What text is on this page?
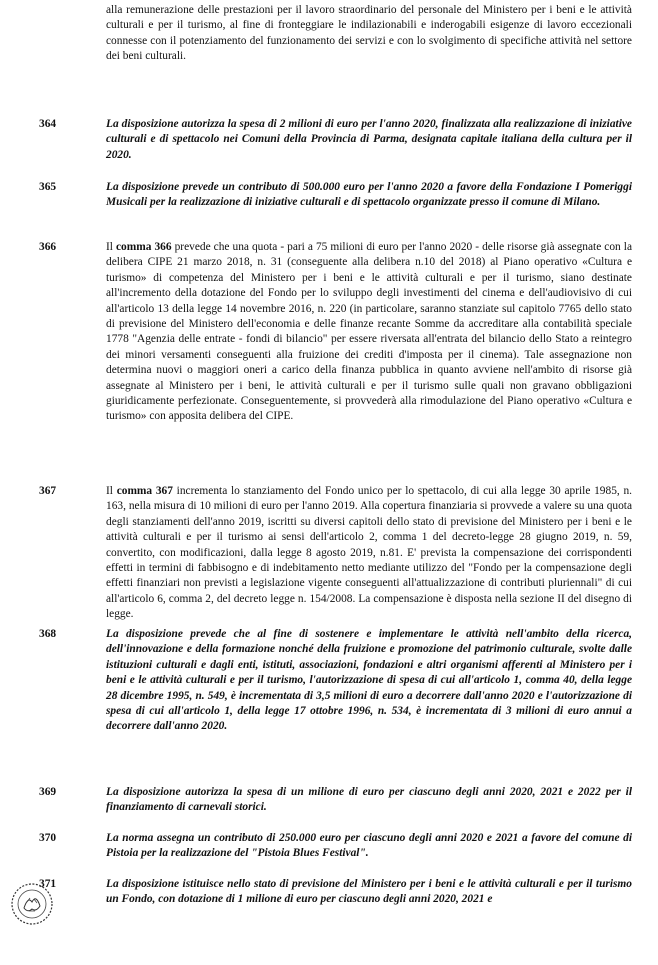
alla remunerazione delle prestazioni per il lavoro straordinario del personale del Ministero per i beni e le attività culturali e per il turismo, al fine di fronteggiare le indilazionabili e inderogabili esigenze di lavoro eccezionali connesse con il potenziamento del funzionamento dei servizi e con lo svolgimento di specifiche attività nel settore dei beni culturali.
364	La disposizione autorizza la spesa di 2 milioni di euro per l'anno 2020, finalizzata alla realizzazione di iniziative culturali e di spettacolo nei Comuni della Provincia di Parma, designata capitale italiana della cultura per il 2020.
365	La disposizione prevede un contributo di 500.000 euro per l'anno 2020 a favore della Fondazione I Pomeriggi Musicali per la realizzazione di iniziative culturali e di spettacolo organizzate presso il comune di Milano.
366	Il comma 366 prevede che una quota - pari a 75 milioni di euro per l'anno 2020 - delle risorse già assegnate con la delibera CIPE 21 marzo 2018, n. 31 (conseguente alla delibera n.10 del 2018) al Piano operativo «Cultura e turismo» di competenza del Ministero per i beni e le attività culturali e per il turismo, siano destinate all'incremento della dotazione del Fondo per lo sviluppo degli investimenti del cinema e dell'audiovisivo di cui all'articolo 13 della legge 14 novembre 2016, n. 220 (in particolare, saranno stanziate sul capitolo 7765 dello stato di previsione del Ministero dell'economia e delle finanze recante Somme da accreditare alla contabilità speciale 1778 "Agenzia delle entrate - fondi di bilancio" per essere riversata all'entrata del bilancio dello Stato a reintegro dei minori versamenti conseguenti alla fruizione dei crediti d'imposta per il cinema). Tale assegnazione non determina nuovi o maggiori oneri a carico della finanza pubblica in quanto avviene nell'ambito di risorse già assegnate al Ministero per i beni, le attività culturali e per il turismo sulle quali non gravano obbligazioni giuridicamente perfezionate. Conseguentemente, si provvederà alla rimodulazione del Piano operativo «Cultura e turismo» con apposita delibera del CIPE.
367	Il comma 367 incrementa lo stanziamento del Fondo unico per lo spettacolo, di cui alla legge 30 aprile 1985, n. 163, nella misura di 10 milioni di euro per l'anno 2019. Alla copertura finanziaria si provvede a valere su una quota degli stanziamenti dell'anno 2019, iscritti su diversi capitoli dello stato di previsione del Ministero per i beni e le attività culturali e per il turismo ai sensi dell'articolo 2, comma 1 del decreto-legge 28 giugno 2019, n. 59, convertito, con modificazioni, dalla legge 8 agosto 2019, n.81. E' prevista la compensazione dei corrispondenti effetti in termini di fabbisogno e di indebitamento netto mediante utilizzo del "Fondo per la compensazione degli effetti finanziari non previsti a legislazione vigente conseguenti all'attualizzazione di contributi pluriennali" di cui all'articolo 6, comma 2, del decreto legge n. 154/2008. La compensazione è disposta nella sezione II del disegno di legge.
368	La disposizione prevede che al fine di sostenere e implementare le attività nell'ambito della ricerca, dell'innovazione e della formazione nonché della fruizione e promozione del patrimonio culturale, svolte dalle istituzioni culturali e dagli enti, istituti, associazioni, fondazioni e altri organismi afferenti al Ministero per i beni e le attività culturali e per il turismo, l'autorizzazione di spesa di cui all'articolo 1, comma 40, della legge 28 dicembre 1995, n. 549, è incrementata di 3,5 milioni di euro a decorrere dall'anno 2020 e l'autorizzazione di spesa di cui all'articolo 1, della legge 17 ottobre 1996, n. 534, è incrementata di 3 milioni di euro annui a decorrere dall'anno 2020.
369	La disposizione autorizza la spesa di un milione di euro per ciascuno degli anni 2020, 2021 e 2022 per il finanziamento di carnevali storici.
370	La norma assegna un contributo di 250.000 euro per ciascuno degli anni 2020 e 2021 a favore del comune di Pistoia per la realizzazione del "Pistoia Blues Festival".
371	La disposizione istituisce nello stato di previsione del Ministero per i beni e le attività culturali e per il turismo un Fondo, con dotazione di 1 milione di euro per ciascuno degli anni 2020, 2021 e
